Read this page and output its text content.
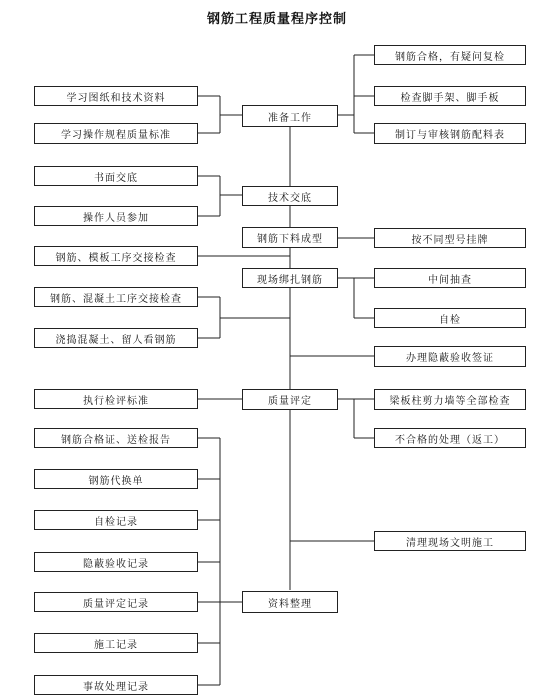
钢筋工程质量程序控制
准备工作
技术交底
钢筋下料成型
现场绑扎钢筋
质量评定
资料整理
学习图纸和技术资料
学习操作规程质量标准
书面交底
操作人员参加
钢筋、模板工序交接检查
钢筋、混凝土工序交接检查
浇捣混凝土、留人看钢筋
执行检评标准
钢筋合格证、送检报告
钢筋代换单
自检记录
隐蔽验收记录
质量评定记录
施工记录
事故处理记录
钢筋合格，有疑问复检
检查脚手架、脚手板
制订与审核钢筋配料表
按不同型号挂牌
中间抽查
自检
办理隐蔽验收签证
梁板柱剪力墙等全部检查
不合格的处理（返工）
清理现场文明施工
